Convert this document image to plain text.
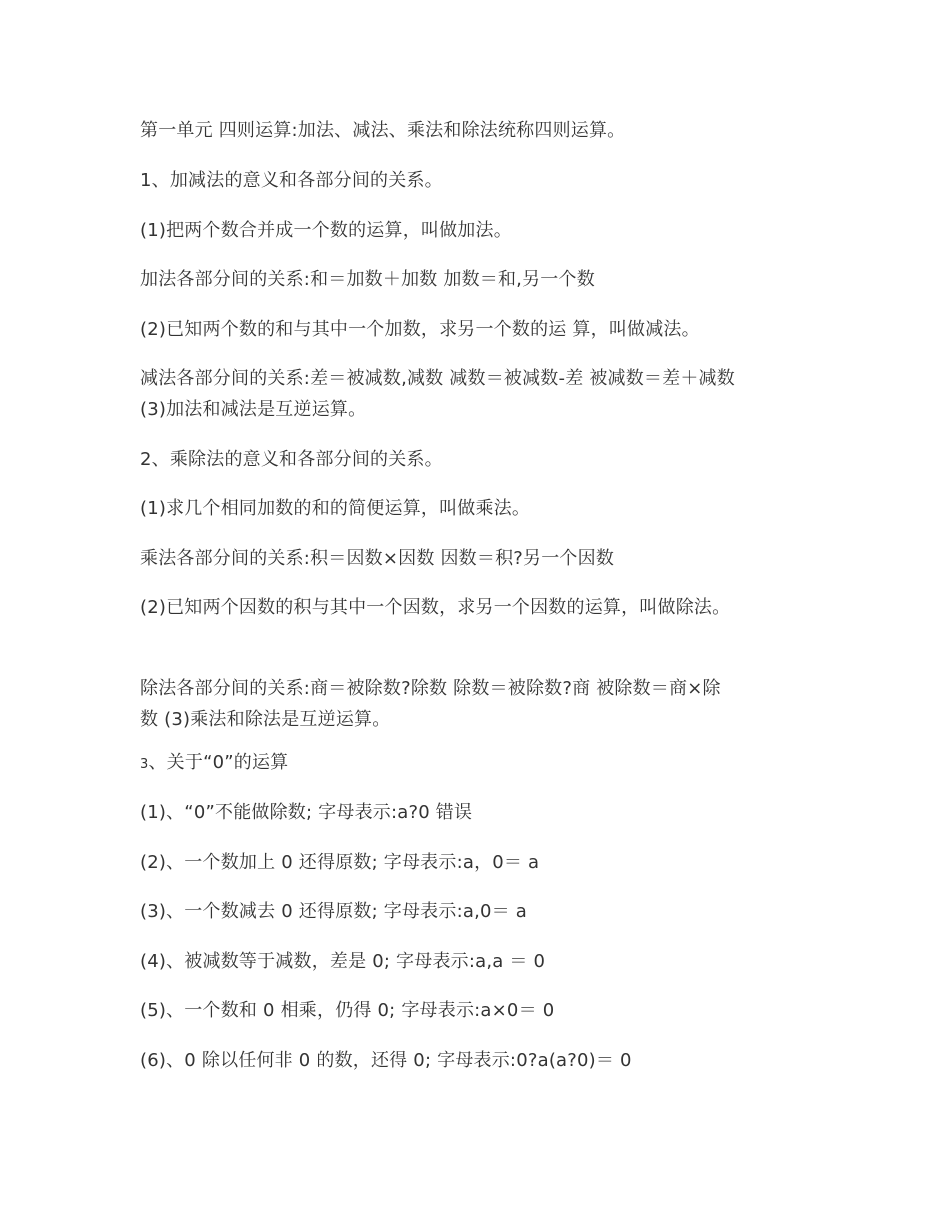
第一单元 四则运算:加法、减法、乘法和除法统称四则运算。
1、加减法的意义和各部分间的关系。
(1)把两个数合并成一个数的运算，叫做加法。
加法各部分间的关系:和＝加数＋加数 加数＝和,另一个数
(2)已知两个数的和与其中一个加数，求另一个数的运 算，叫做减法。
减法各部分间的关系:差＝被减数,减数 减数＝被减数-差 被减数＝差＋减数
(3)加法和减法是互逆运算。
2、乘除法的意义和各部分间的关系。
(1)求几个相同加数的和的简便运算，叫做乘法。
乘法各部分间的关系:积＝因数×因数 因数＝积?另一个因数
(2)已知两个因数的积与其中一个因数，求另一个因数的运算，叫做除法。
除法各部分间的关系:商＝被除数?除数 除数＝被除数?商 被除数＝商×除
数 (3)乘法和除法是互逆运算。
3、关于“0”的运算
(1)、“0”不能做除数; 字母表示:a?0 错误
(2)、一个数加上 0 还得原数; 字母表示:a，0＝ a
(3)、一个数减去 0 还得原数; 字母表示:a,0＝ a
(4)、被减数等于减数，差是 0; 字母表示:a,a ＝ 0
(5)、一个数和 0 相乘，仍得 0; 字母表示:a×0＝ 0
(6)、0 除以任何非 0 的数，还得 0; 字母表示:0?a(a?0)＝ 0
